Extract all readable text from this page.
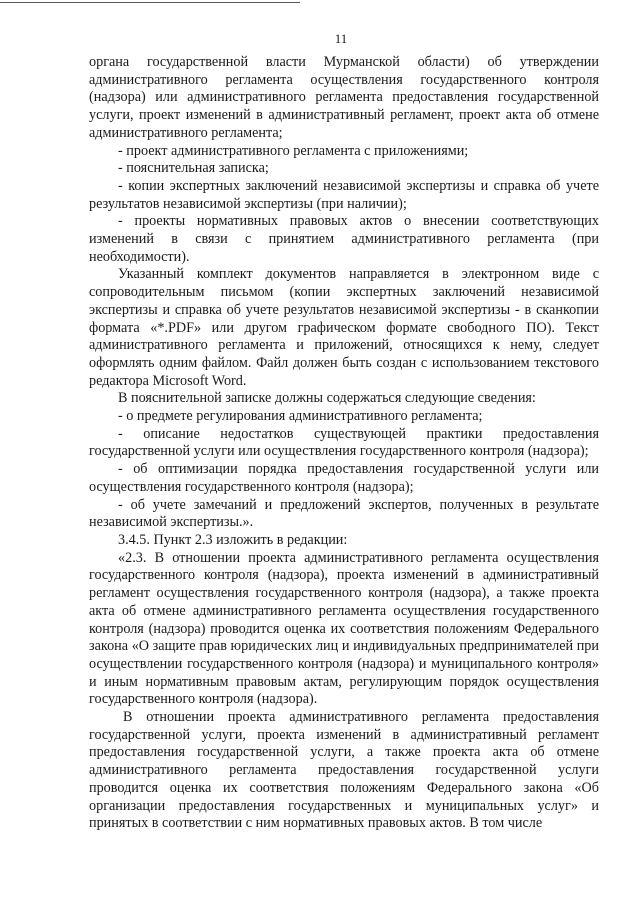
11

органа государственной власти Мурманской области) об утверждении административного регламента осуществления государственного контроля (надзора) или административного регламента предоставления государственной услуги, проект изменений в административный регламент, проект акта об отмене административного регламента;

- проект административного регламента с приложениями;

- пояснительная записка;

- копии экспертных заключений независимой экспертизы и справка об учете результатов независимой экспертизы (при наличии);

- проекты нормативных правовых актов о внесении соответствующих изменений в связи с принятием административного регламента (при необходимости).

Указанный комплект документов направляется в электронном виде с сопроводительным письмом (копии экспертных заключений независимой экспертизы и справка об учете результатов независимой экспертизы - в сканкопии формата «*.PDF» или другом графическом формате свободного ПО). Текст административного регламента и приложений, относящихся к нему, следует оформлять одним файлом. Файл должен быть создан с использованием текстового редактора Microsoft Word.

В пояснительной записке должны содержаться следующие сведения:

- о предмете регулирования административного регламента;

- описание недостатков существующей практики предоставления государственной услуги или осуществления государственного контроля (надзора);

- об оптимизации порядка предоставления государственной услуги или осуществления государственного контроля (надзора);

- об учете замечаний и предложений экспертов, полученных в результате независимой экспертизы.».

3.4.5. Пункт 2.3 изложить в редакции:

«2.3. В отношении проекта административного регламента осуществления государственного контроля (надзора), проекта изменений в административный регламент осуществления государственного контроля (надзора), а также проекта акта об отмене административного регламента осуществления государственного контроля (надзора) проводится оценка их соответствия положениям Федерального закона «О защите прав юридических лиц и индивидуальных предпринимателей при осуществлении государственного контроля (надзора) и муниципального контроля» и иным нормативным правовым актам, регулирующим порядок осуществления государственного контроля (надзора).

В отношении проекта административного регламента предоставления государственной услуги, проекта изменений в административный регламент предоставления государственной услуги, а также проекта акта об отмене административного регламента предоставления государственной услуги проводится оценка их соответствия положениям Федерального закона «Об организации предоставления государственных и муниципальных услуг» и принятых в соответствии с ним нормативных правовых актов. В том числе
